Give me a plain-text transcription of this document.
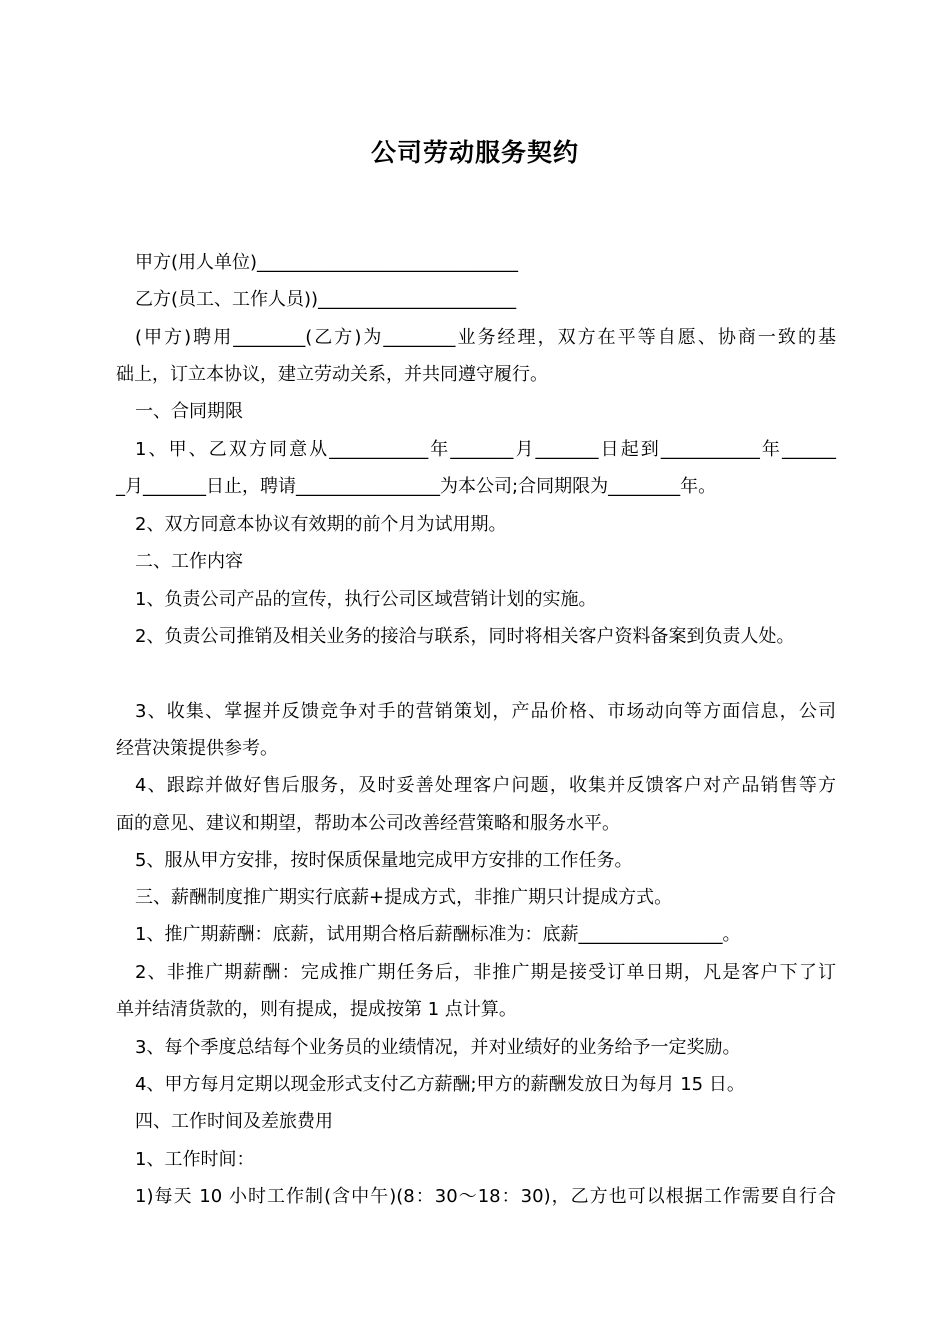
公司劳动服务契约
甲方(用人单位)_____________________________
乙方(员工、工作人员))______________________
(甲方)聘用________(乙方)为________业务经理，双方在平等自愿、协商一致的基
础上，订立本协议，建立劳动关系，并共同遵守履行。
一、合同期限
1、甲、乙双方同意从___________年_______月_______日起到___________年______
_月_______日止，聘请________________为本公司;合同期限为________年。
2、双方同意本协议有效期的前个月为试用期。
二、工作内容
1、负责公司产品的宣传，执行公司区域营销计划的实施。
2、负责公司推销及相关业务的接洽与联系，同时将相关客户资料备案到负责人处。
3、收集、掌握并反馈竞争对手的营销策划，产品价格、市场动向等方面信息，公司
经营决策提供参考。
4、跟踪并做好售后服务，及时妥善处理客户问题，收集并反馈客户对产品销售等方
面的意见、建议和期望，帮助本公司改善经营策略和服务水平。
5、服从甲方安排，按时保质保量地完成甲方安排的工作任务。
三、薪酬制度推广期实行底薪+提成方式，非推广期只计提成方式。
1、推广期薪酬：底薪，试用期合格后薪酬标准为：底薪________________。
2、非推广期薪酬：完成推广期任务后，非推广期是接受订单日期，凡是客户下了订
单并结清货款的，则有提成，提成按第 1 点计算。
3、每个季度总结每个业务员的业绩情况，并对业绩好的业务给予一定奖励。
4、甲方每月定期以现金形式支付乙方薪酬;甲方的薪酬发放日为每月 15 日。
四、工作时间及差旅费用
1、工作时间：
1)每天 10 小时工作制(含中午)(8：30～18：30)，乙方也可以根据工作需要自行合
